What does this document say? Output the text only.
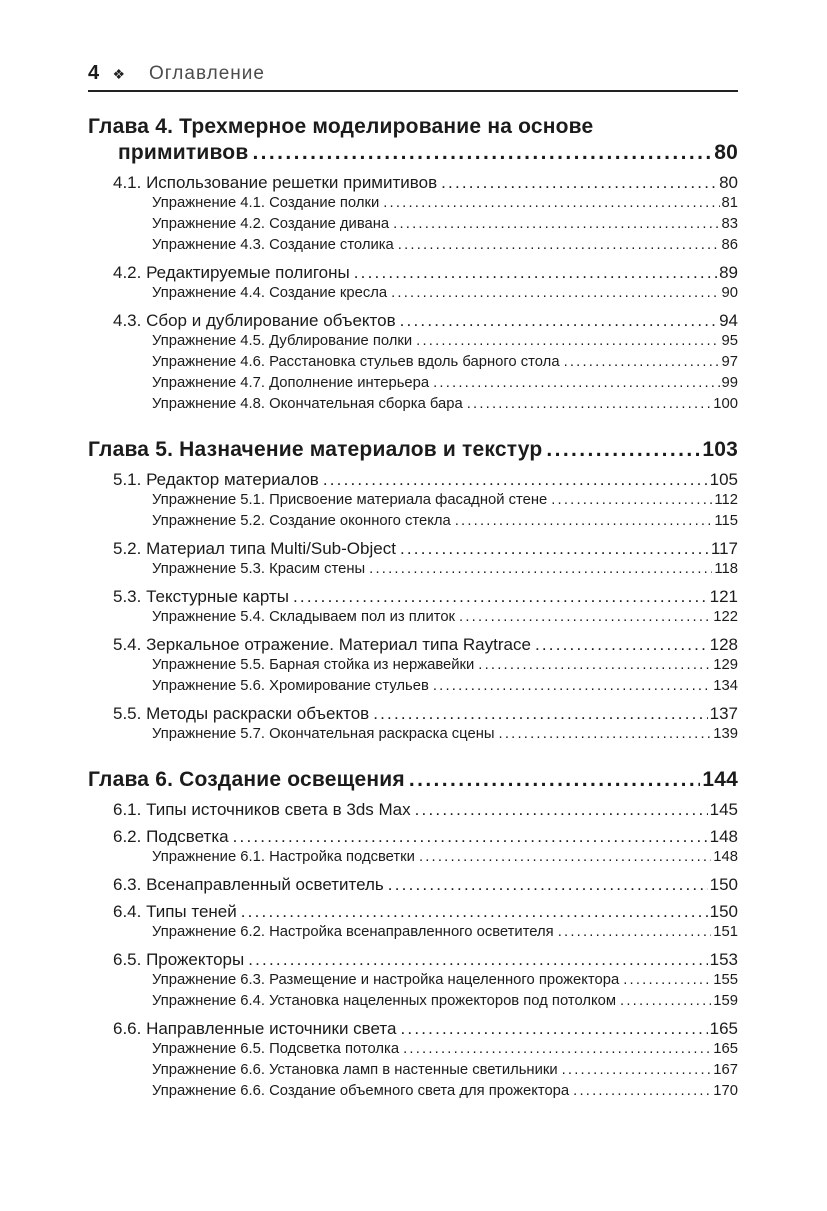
4 ❖ Оглавление
Глава 4. Трехмерное моделирование на основе
примитивов .....	80
4.1. Использование решетки примитивов .....	80
Упражнение 4.1. Создание полки .....	81
Упражнение 4.2. Создание дивана .....	83
Упражнение 4.3. Создание столика .....	86
4.2. Редактируемые полигоны .....	89
Упражнение 4.4. Создание кресла .....	90
4.3. Сбор и дублирование объектов .....	94
Упражнение 4.5. Дублирование полки .....	95
Упражнение 4.6. Расстановка стульев вдоль барного стола .....	97
Упражнение 4.7. Дополнение интерьера .....	99
Упражнение 4.8. Окончательная сборка бара .....	100
Глава 5. Назначение материалов и текстур .....	103
5.1. Редактор материалов .....	105
Упражнение 5.1. Присвоение материала фасадной стене .....	112
Упражнение 5.2. Создание оконного стекла .....	115
5.2. Материал типа Multi/Sub-Object .....	117
Упражнение 5.3. Красим стены .....	118
5.3. Текстурные карты .....	121
Упражнение 5.4. Складываем пол из плиток .....	122
5.4. Зеркальное отражение. Материал типа Raytrace .....	128
Упражнение 5.5. Барная стойка из нержавейки .....	129
Упражнение 5.6. Хромирование стульев .....	134
5.5. Методы раскраски объектов .....	137
Упражнение 5.7. Окончательная раскраска сцены .....	139
Глава 6. Создание освещения .....	144
6.1. Типы источников света в 3ds Max .....	145
6.2. Подсветка .....	148
Упражнение 6.1. Настройка подсветки .....	148
6.3. Всенаправленный осветитель .....	150
6.4. Типы теней .....	150
Упражнение 6.2. Настройка всенаправленного осветителя .....	151
6.5. Прожекторы .....	153
Упражнение 6.3. Размещение и настройка нацеленного прожектора .....	155
Упражнение 6.4. Установка нацеленных прожекторов под потолком .....	159
6.6. Направленные источники света .....	165
Упражнение 6.5. Подсветка потолка .....	165
Упражнение 6.6. Установка ламп в настенные светильники .....	167
Упражнение 6.6. Создание объемного света для прожектора .....	170
